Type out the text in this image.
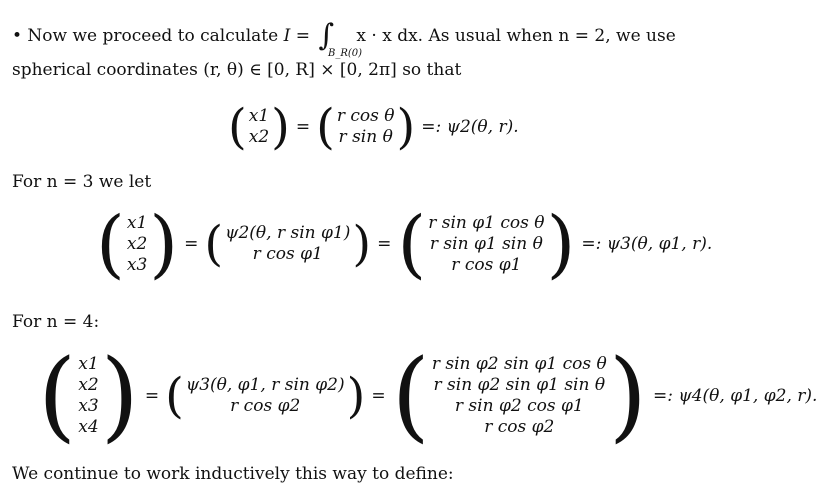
• Now we proceed to calculate I = ∫
B_R(0)
x · x dx. As usual when n = 2, we use
spherical coordinates (r, θ) ∈ [0, R] × [0, 2π] so that
( x1
x2 ) = ( r cos θ
r sin θ ) =: ψ2(θ, r).
For n = 3 we let
( x1
x2
x3 ) = ( ψ2(θ, r sin φ1)
r cos φ1 ) = ( r sin φ1 cos θ
r sin φ1 sin θ
r cos φ1 ) =: ψ3(θ, φ1, r).
For n = 4:
( x1
x2
x3
x4 ) = ( ψ3(θ, φ1, r sin φ2)
r cos φ2 ) = ( r sin φ2 sin φ1 cos θ
r sin φ2 sin φ1 sin θ
r sin φ2 cos φ1
r cos φ2 ) =: ψ4(θ, φ1, φ2, r).
We continue to work inductively this way to define:
